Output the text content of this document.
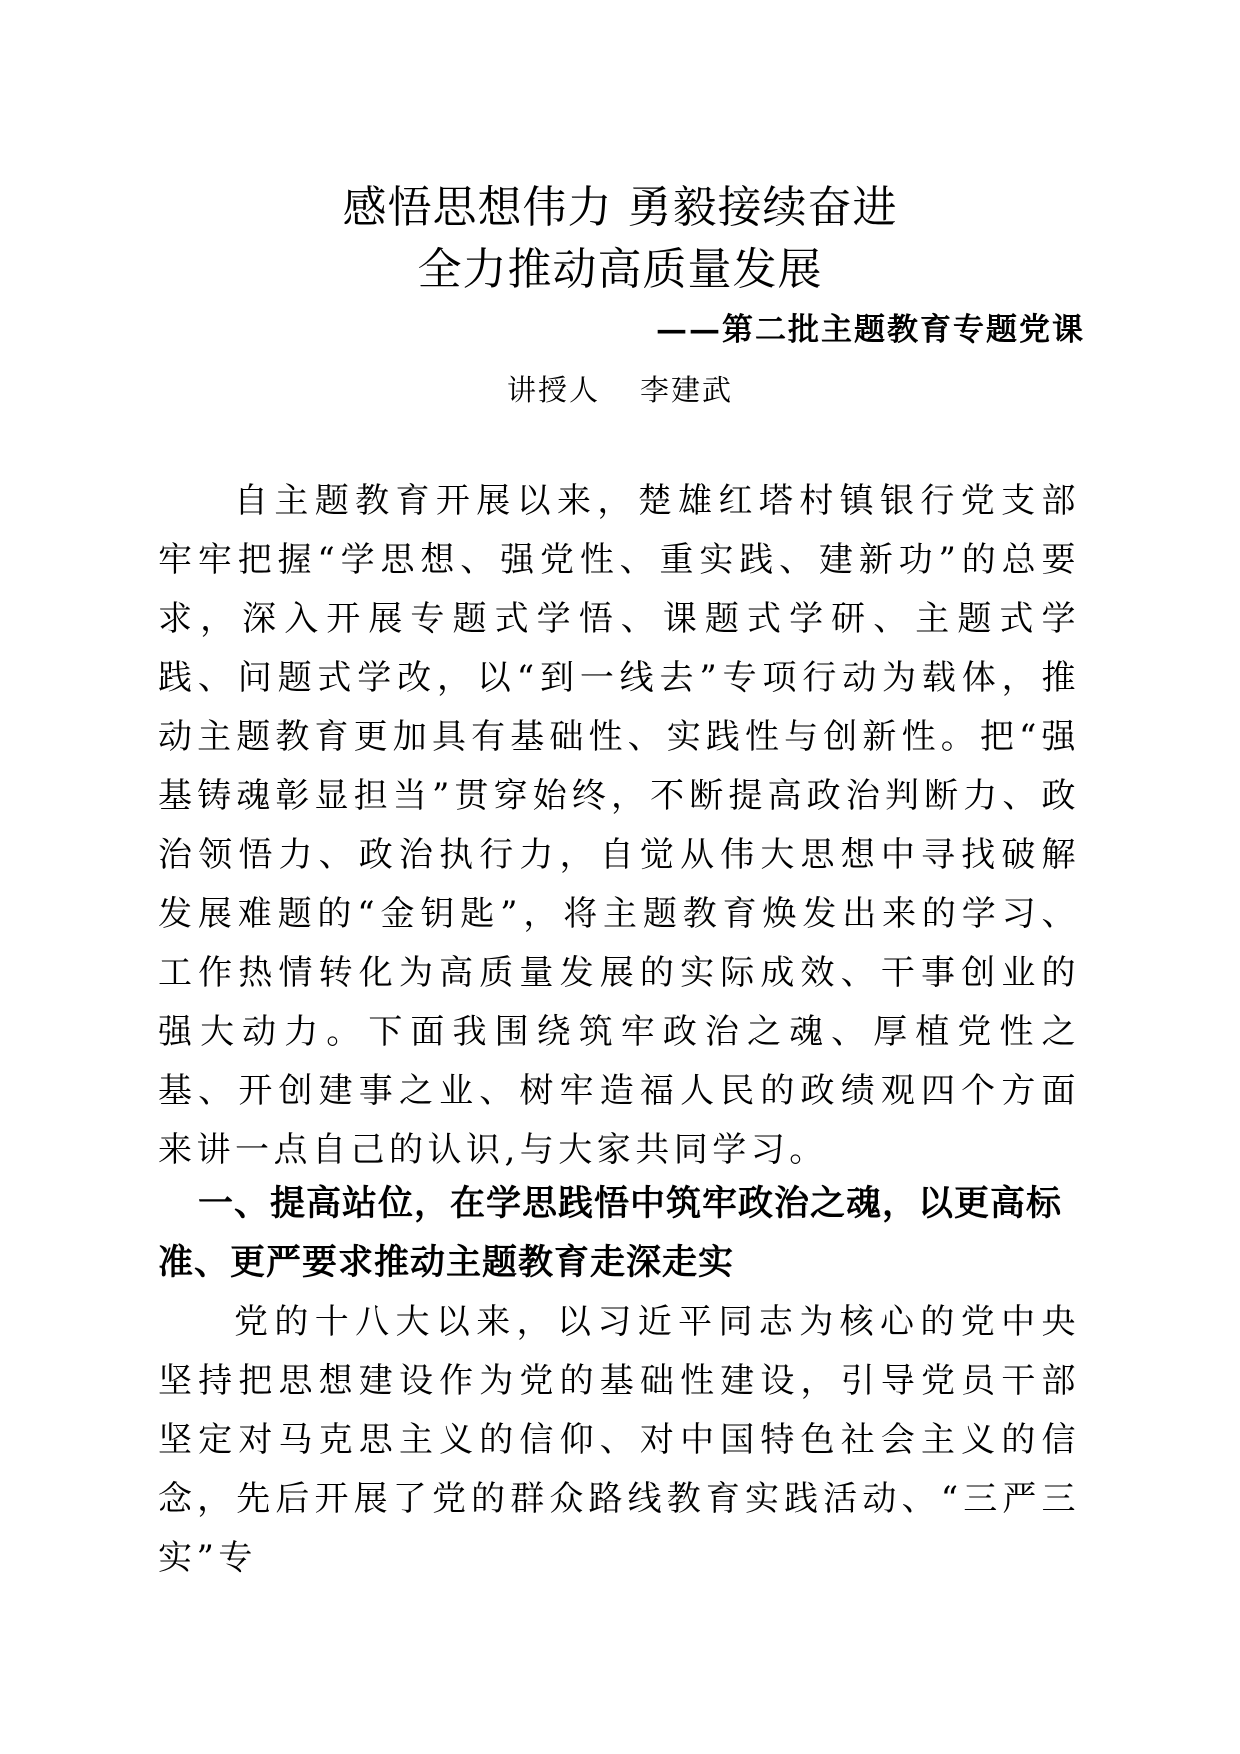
感悟思想伟力 勇毅接续奋进
全力推动高质量发展
——第二批主题教育专题党课
讲授人 李建武

自主题教育开展以来，楚雄红塔村镇银行党支部牢牢把握“学思想、强党性、重实践、建新功”的总要求，深入开展专题式学悟、课题式学研、主题式学践、问题式学改，以“到一线去”专项行动为载体，推动主题教育更加具有基础性、实践性与创新性。把“强基铸魂彰显担当”贯穿始终，不断提高政治判断力、政治领悟力、政治执行力，自觉从伟大思想中寻找破解发展难题的“金钥匙”，将主题教育焕发出来的学习、工作热情转化为高质量发展的实际成效、干事创业的强大动力。下面我围绕筑牢政治之魂、厚植党性之基、开创建事之业、树牢造福人民的政绩观四个方面来讲一点自己的认识,与大家共同学习。

一、提高站位，在学思践悟中筑牢政治之魂，以更高标准、更严要求推动主题教育走深走实

党的十八大以来，以习近平同志为核心的党中央坚持把思想建设作为党的基础性建设，引导党员干部坚定对马克思主义的信仰、对中国特色社会主义的信念，先后开展了党的群众路线教育实践活动、“三严三实”专
